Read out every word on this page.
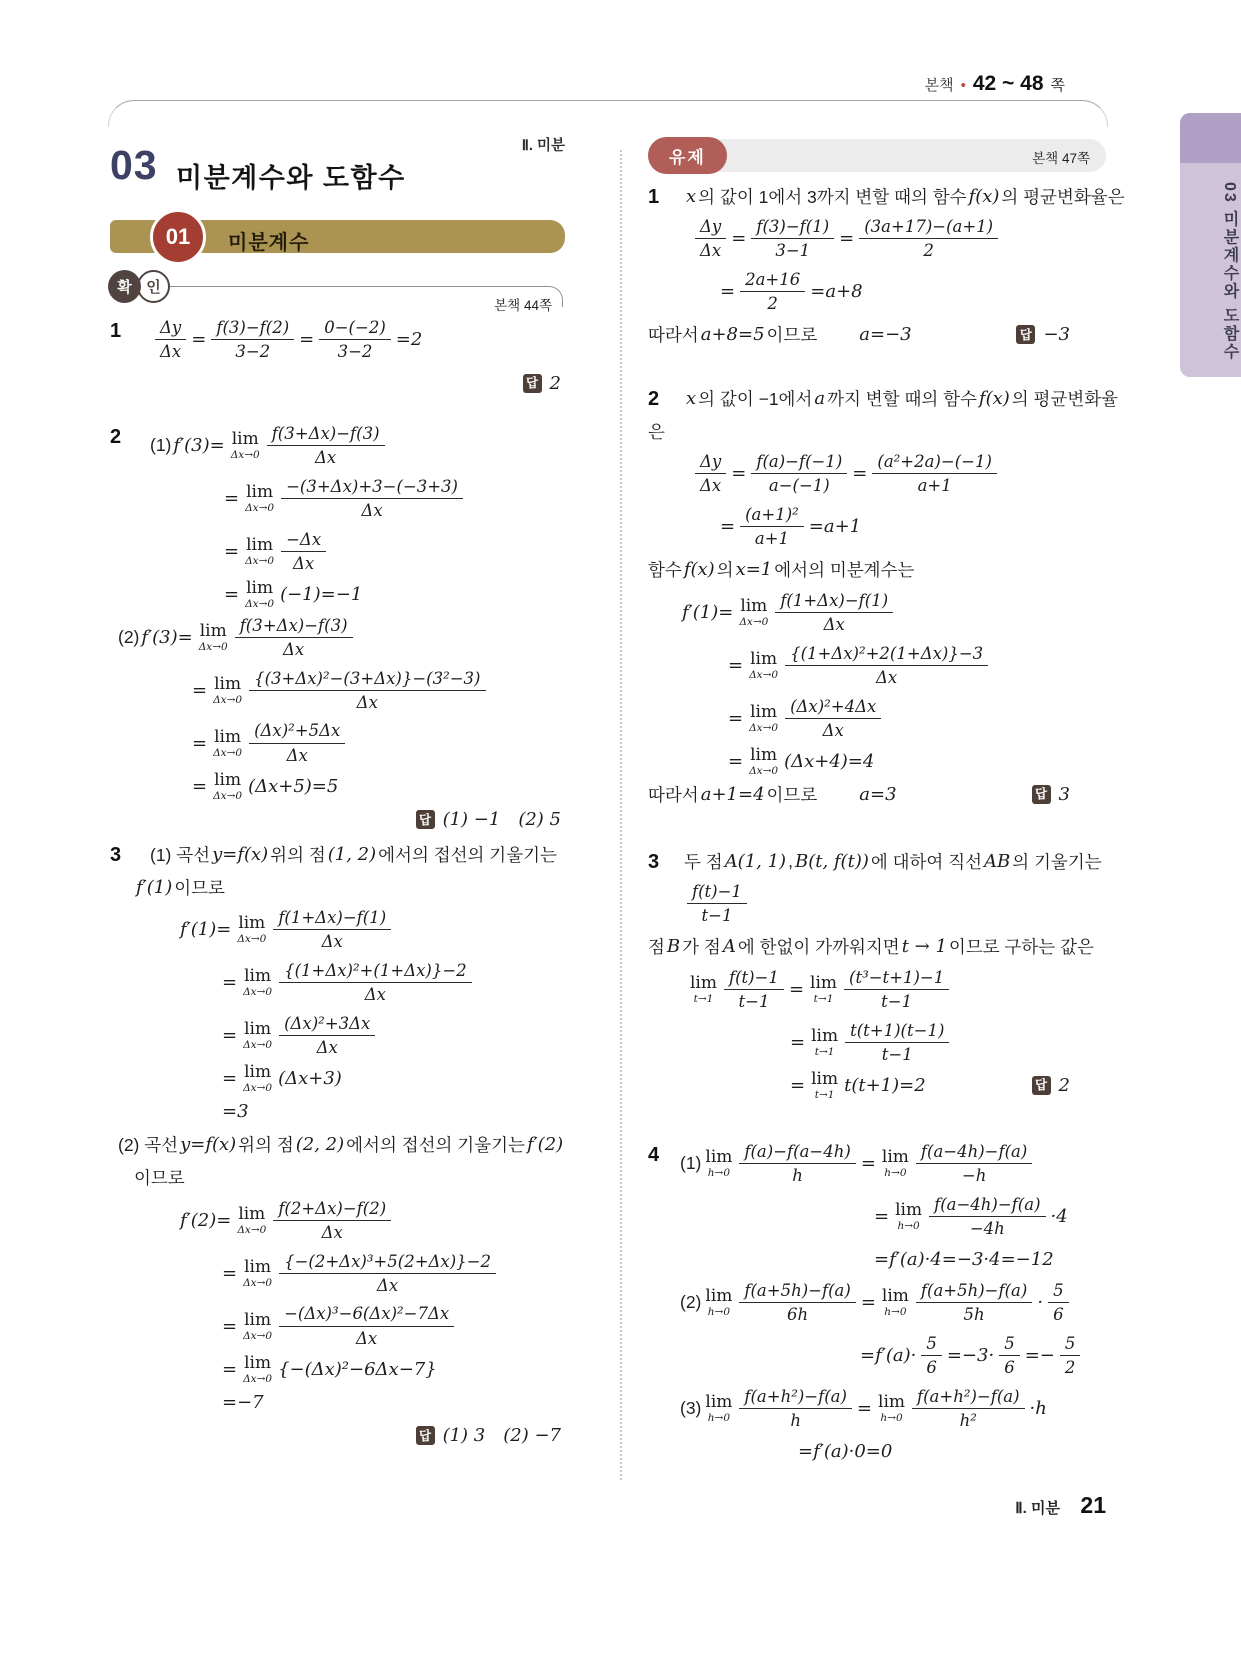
본책 • 42 ~ 48 쪽
Ⅱ. 미분
03 미분계수와 도함수
01	미분계수
확 인
본책 44쪽
유제	본책 47쪽
$1 \frac{\Delta y}{\Delta x} = \frac{f(3)-f(2)}{3-2} = \frac{0-(-2)}{3-2} =2$
답 2
2 (1) f′(3)= lim
$\Delta x\to 0 \frac{f(3+\Delta x)-f(3)}{\Delta x}$
= lim
$\Delta x\to 0 \frac{-(3+\Delta x)+3-(-3+3)}{\Delta x}$
= lim
$\Delta x\to 0 \frac{-\Delta x}{\Delta x}$
= lim
Δx→0 (−1)=−1
(2) f′(3)= lim
$\Delta x\to 0 \frac{f(3+\Delta x)-f(3)}{\Delta x}$
= lim
$\Delta x\to 0 \frac{\text{\{(3+Δx)²−(3+Δx)\}−(3²−3)}}{\Delta x}$
= lim
$\Delta x\to 0 \frac{\text{(Δx)²+5Δx}}{\Delta x}$
= lim
Δx→0 (Δx+5)=5
답 (1) −1 (2) 5
3 (1) 곡선 y=f(x) 위의 점 (1, 2) 에서의 접선의 기울기는
f′(1) 이므로
f′(1)= lim
$\Delta x\to 0 \frac{f(1+\Delta x)-f(1)}{\Delta x}$
= lim
$\Delta x\to 0 \frac{\text{\{(1+Δx)²+(1+Δx)\}−2}}{\Delta x}$
= lim
$\Delta x\to 0 \frac{\text{(Δx)²+3Δx}}{\Delta x}$
= lim
Δx→0 (Δx+3)
=3
(2) 곡선 y=f(x) 위의 점 (2, 2) 에서의 접선의 기울기는 f′(2)
이므로
f′(2)= lim
$\Delta x\to 0 \frac{f(2+\Delta x)-f(2)}{\Delta x}$
= lim
$\Delta x\to 0 \frac{\text{\{−(2+Δx)³+5(2+Δx)\}−2}}{\Delta x}$
= lim
$\Delta x\to 0 \frac{\text{−(Δx)³−6(Δx)²−7Δx}}{\Delta x}$
= lim
Δx→0 {−(Δx)²−6Δx−7}
=−7
답 (1) 3 (2) −7
1 x 의 값이 1에서 3까지 변할 때의 함수 f(x) 의 평균변화율은
$\frac{\Delta y}{\Delta x} = \frac{f(3)-f(1)}{3-1} = \frac{(3a+17)-(a+1)}{2}$
= $\frac{2a+16}{2} =a+8$
따라서 a+8=5 이므로 a=−3	답 −3
2 x 의 값이 −1에서 a 까지 변할 때의 함수 f(x) 의 평균변화율
은
$\frac{\Delta y}{\Delta x} = \frac{f(a)-f(-1)}{a-(-1)} = \frac{\text{(a²+2a)−(−1)}}{a+1}$
= $\frac{\text{(a+1)²}}{a+1} =a+1$
함수 f(x) 의 x=1 에서의 미분계수는
f′(1)= lim
$\Delta x\to 0 \frac{f(1+\Delta x)-f(1)}{\Delta x}$
= lim
$\Delta x\to 0 \frac{\text{\{(1+Δx)²+2(1+Δx)\}−3}}{\Delta x}$
= lim
$\Delta x\to 0 \frac{\text{(Δx)²+4Δx}}{\Delta x}$
= lim
Δx→0 (Δx+4)=4
따라서 a+1=4 이므로 a=3	답 3
3 두 점 A(1, 1) , B(t, f(t)) 에 대하여 직선 AB 의 기울기는
$\frac{f(t)-1}{t-1}$
점 B 가 점 A 에 한없이 가까워지면 t → 1 이므로 구하는 값은
lim
$t\to 1 \frac{f(t)-1}{t-1} = \lim$
$t\to 1 \frac{\text{(t³−t+1)−1}}{t-1}$
= lim
$t\to 1 \frac{t(t+1)(t-1)}{t-1}$
= lim
t→1 t(t+1)=2	답 2
4 (1) lim
$h\to 0 \frac{f(a)-f(a-4h)}{h} = \lim$
$h\to 0 \frac{f(a-4h)-f(a)}{-h}$
= lim
$h\to 0 \frac{f(a-4h)-f(a)}{-4h} \cdot 4$
=f′(a)·4=−3·4=−12
(2) lim
$h\to 0 \frac{f(a+5h)-f(a)}{6h} = \lim$
$h\to 0 \frac{f(a+5h)-f(a)}{5h} \cdot \frac{5}{6}$
$=f'(a)\cdot \frac{5}{6} =-3\cdot \frac{5}{6} =- \frac{5}{2}$
(3) lim
$h\to 0 \frac{\text{f(a+h²)−f(a)}}{h} = \lim$
$h\to 0 \frac{\text{f(a+h²)−f(a)}}{\text{h²}} \cdot h$
=f′(a)·0=0
03 미분계수와 도함수
Ⅱ. 미분 21
